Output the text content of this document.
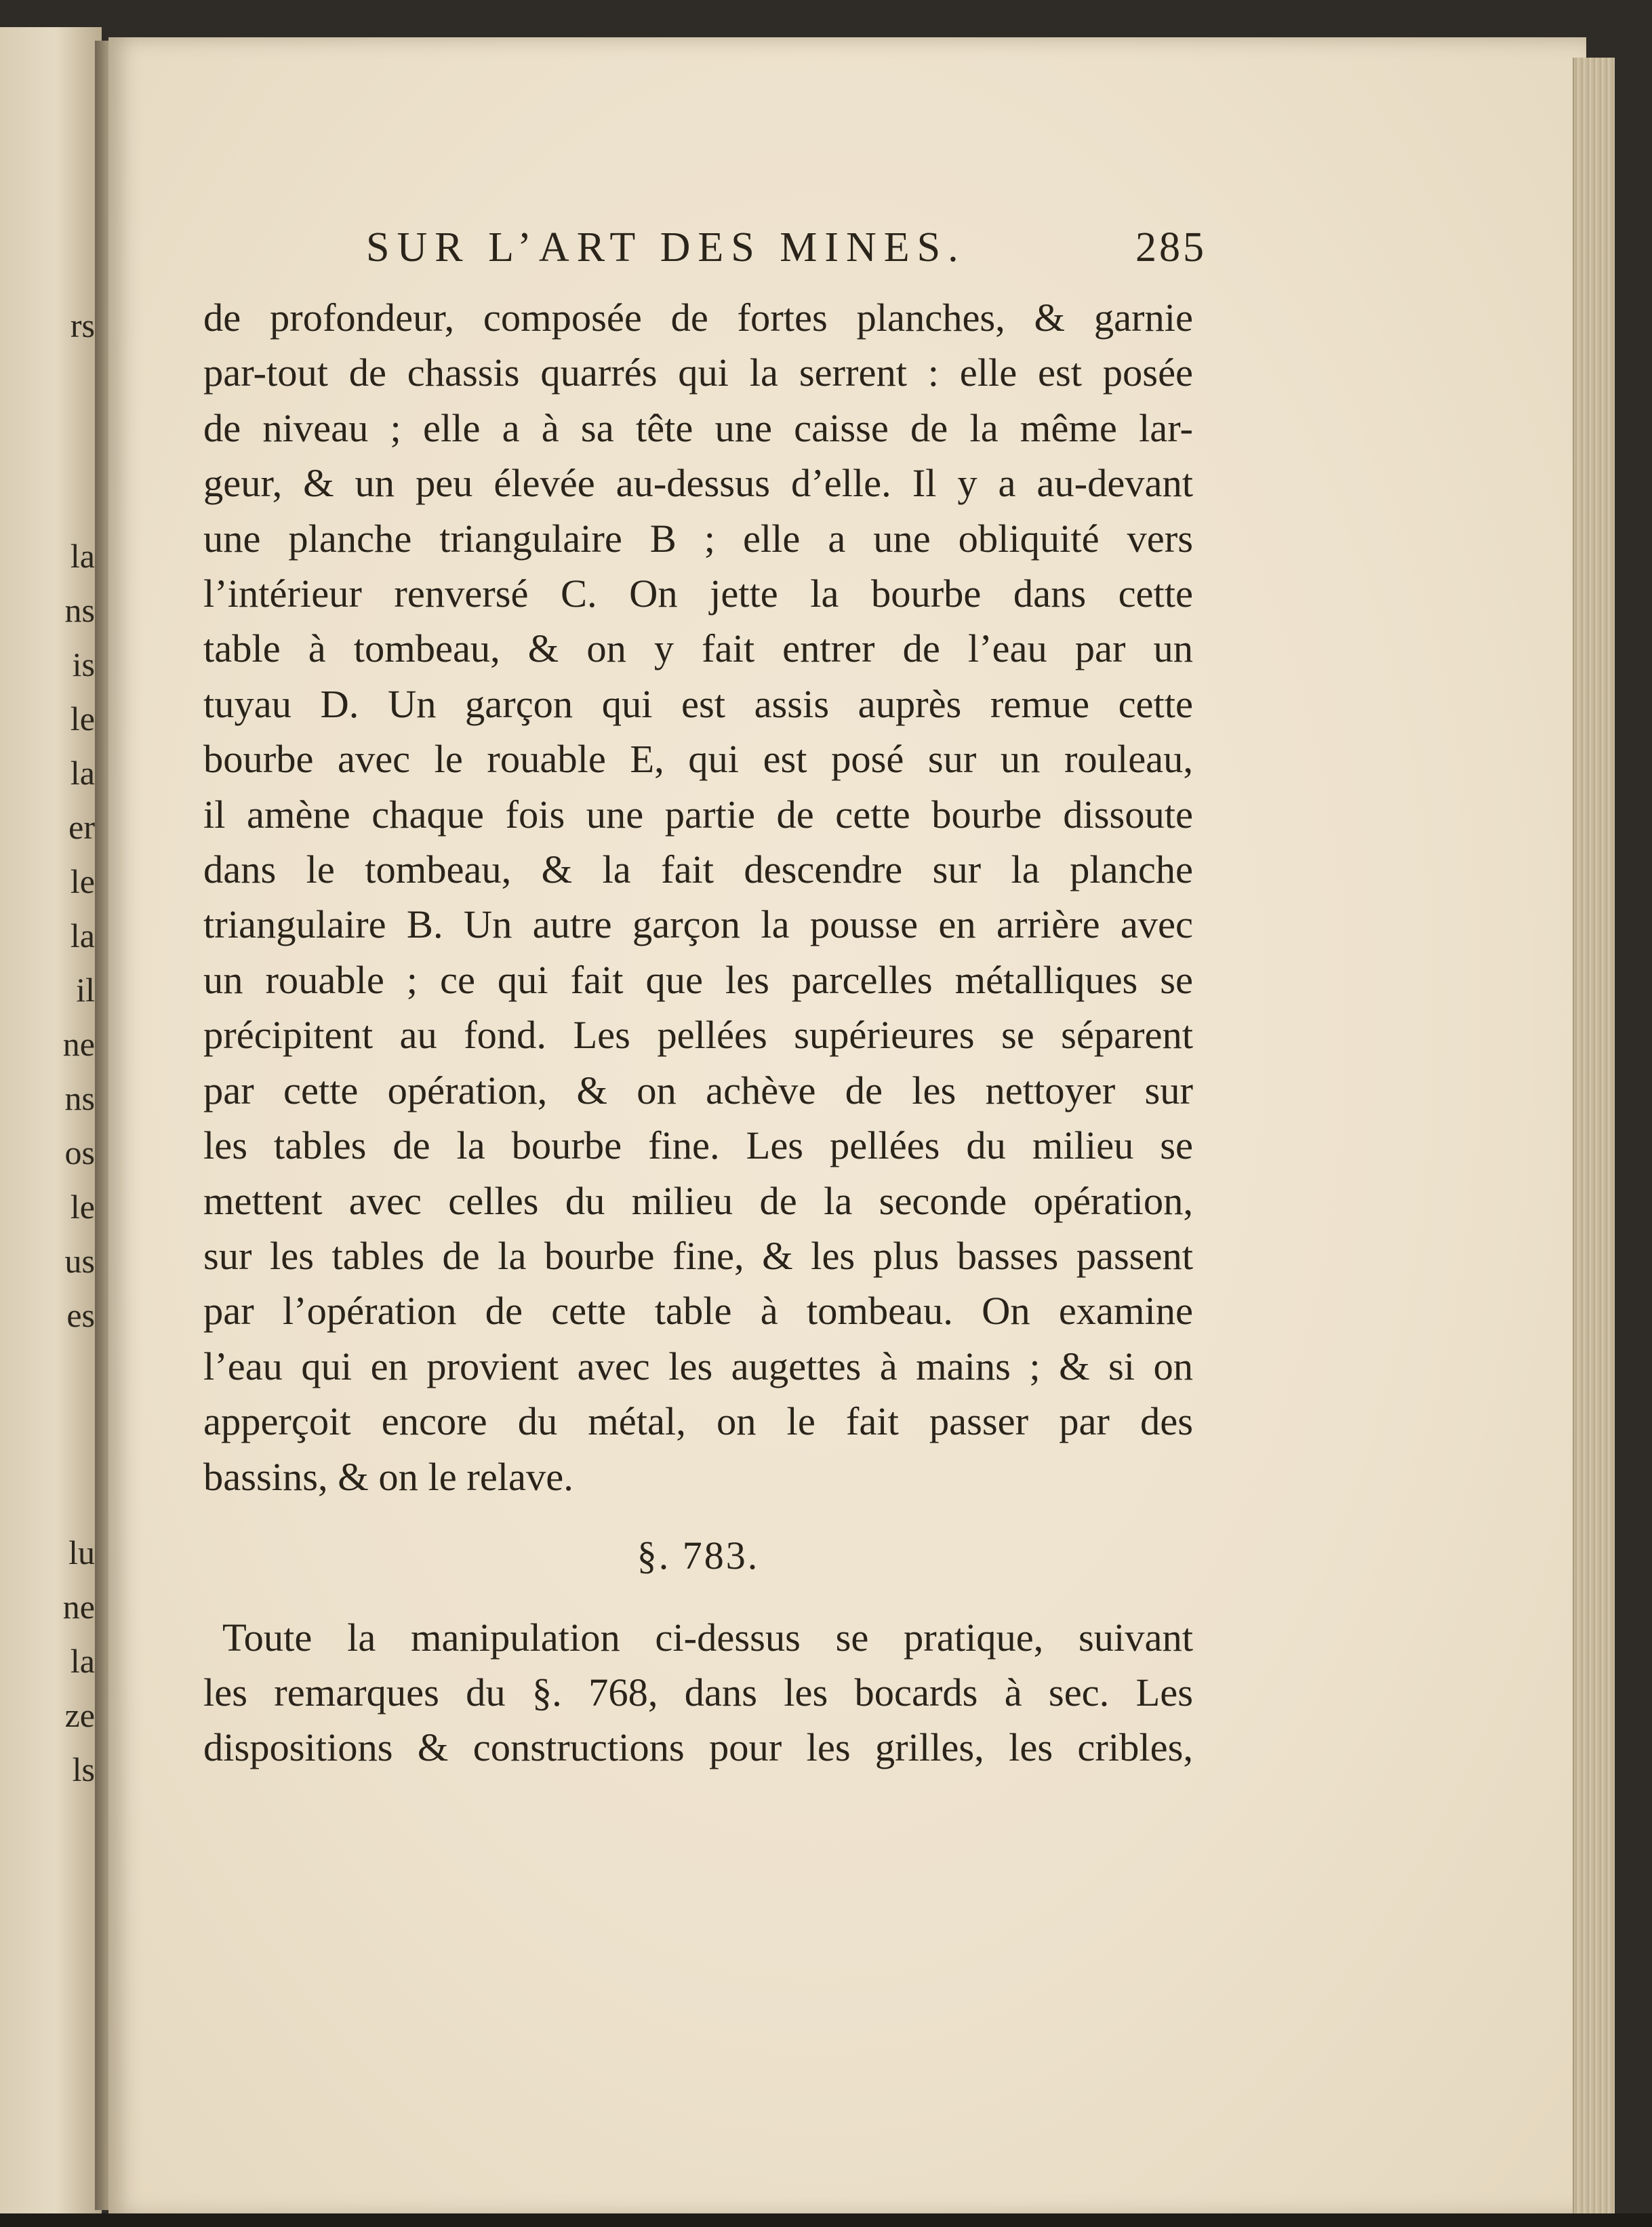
rs
la
ns
is
le
la
er
le
la
il
ne
ns
os
le
us
es
lu
ne
la
ze
ls
SUR L’ART DES MINES.	285
de profondeur, composée de fortes planches, & garnie
par-tout de chassis quarrés qui la serrent : elle est posée
de niveau ; elle a à sa tête une caisse de la même lar-
geur, & un peu élevée au-dessus d’elle. Il y a au-devant
une planche triangulaire B ; elle a une obliquité vers
l’intérieur renversé C. On jette la bourbe dans cette
table à tombeau, & on y fait entrer de l’eau par un
tuyau D. Un garçon qui est assis auprès remue cette
bourbe avec le rouable E, qui est posé sur un rouleau,
il amène chaque fois une partie de cette bourbe dissoute
dans le tombeau, & la fait descendre sur la planche
triangulaire B. Un autre garçon la pousse en arrière avec
un rouable ; ce qui fait que les parcelles métalliques se
précipitent au fond. Les pellées supérieures se séparent
par cette opération, & on achève de les nettoyer sur
les tables de la bourbe fine. Les pellées du milieu se
mettent avec celles du milieu de la seconde opération,
sur les tables de la bourbe fine, & les plus basses passent
par l’opération de cette table à tombeau. On examine
l’eau qui en provient avec les augettes à mains ; & si on
apperçoit encore du métal, on le fait passer par des
bassins, & on le relave.
§. 783.
Toute la manipulation ci-dessus se pratique, suivant
les remarques du §. 768, dans les bocards à sec. Les
dispositions & constructions pour les grilles, les cribles,
